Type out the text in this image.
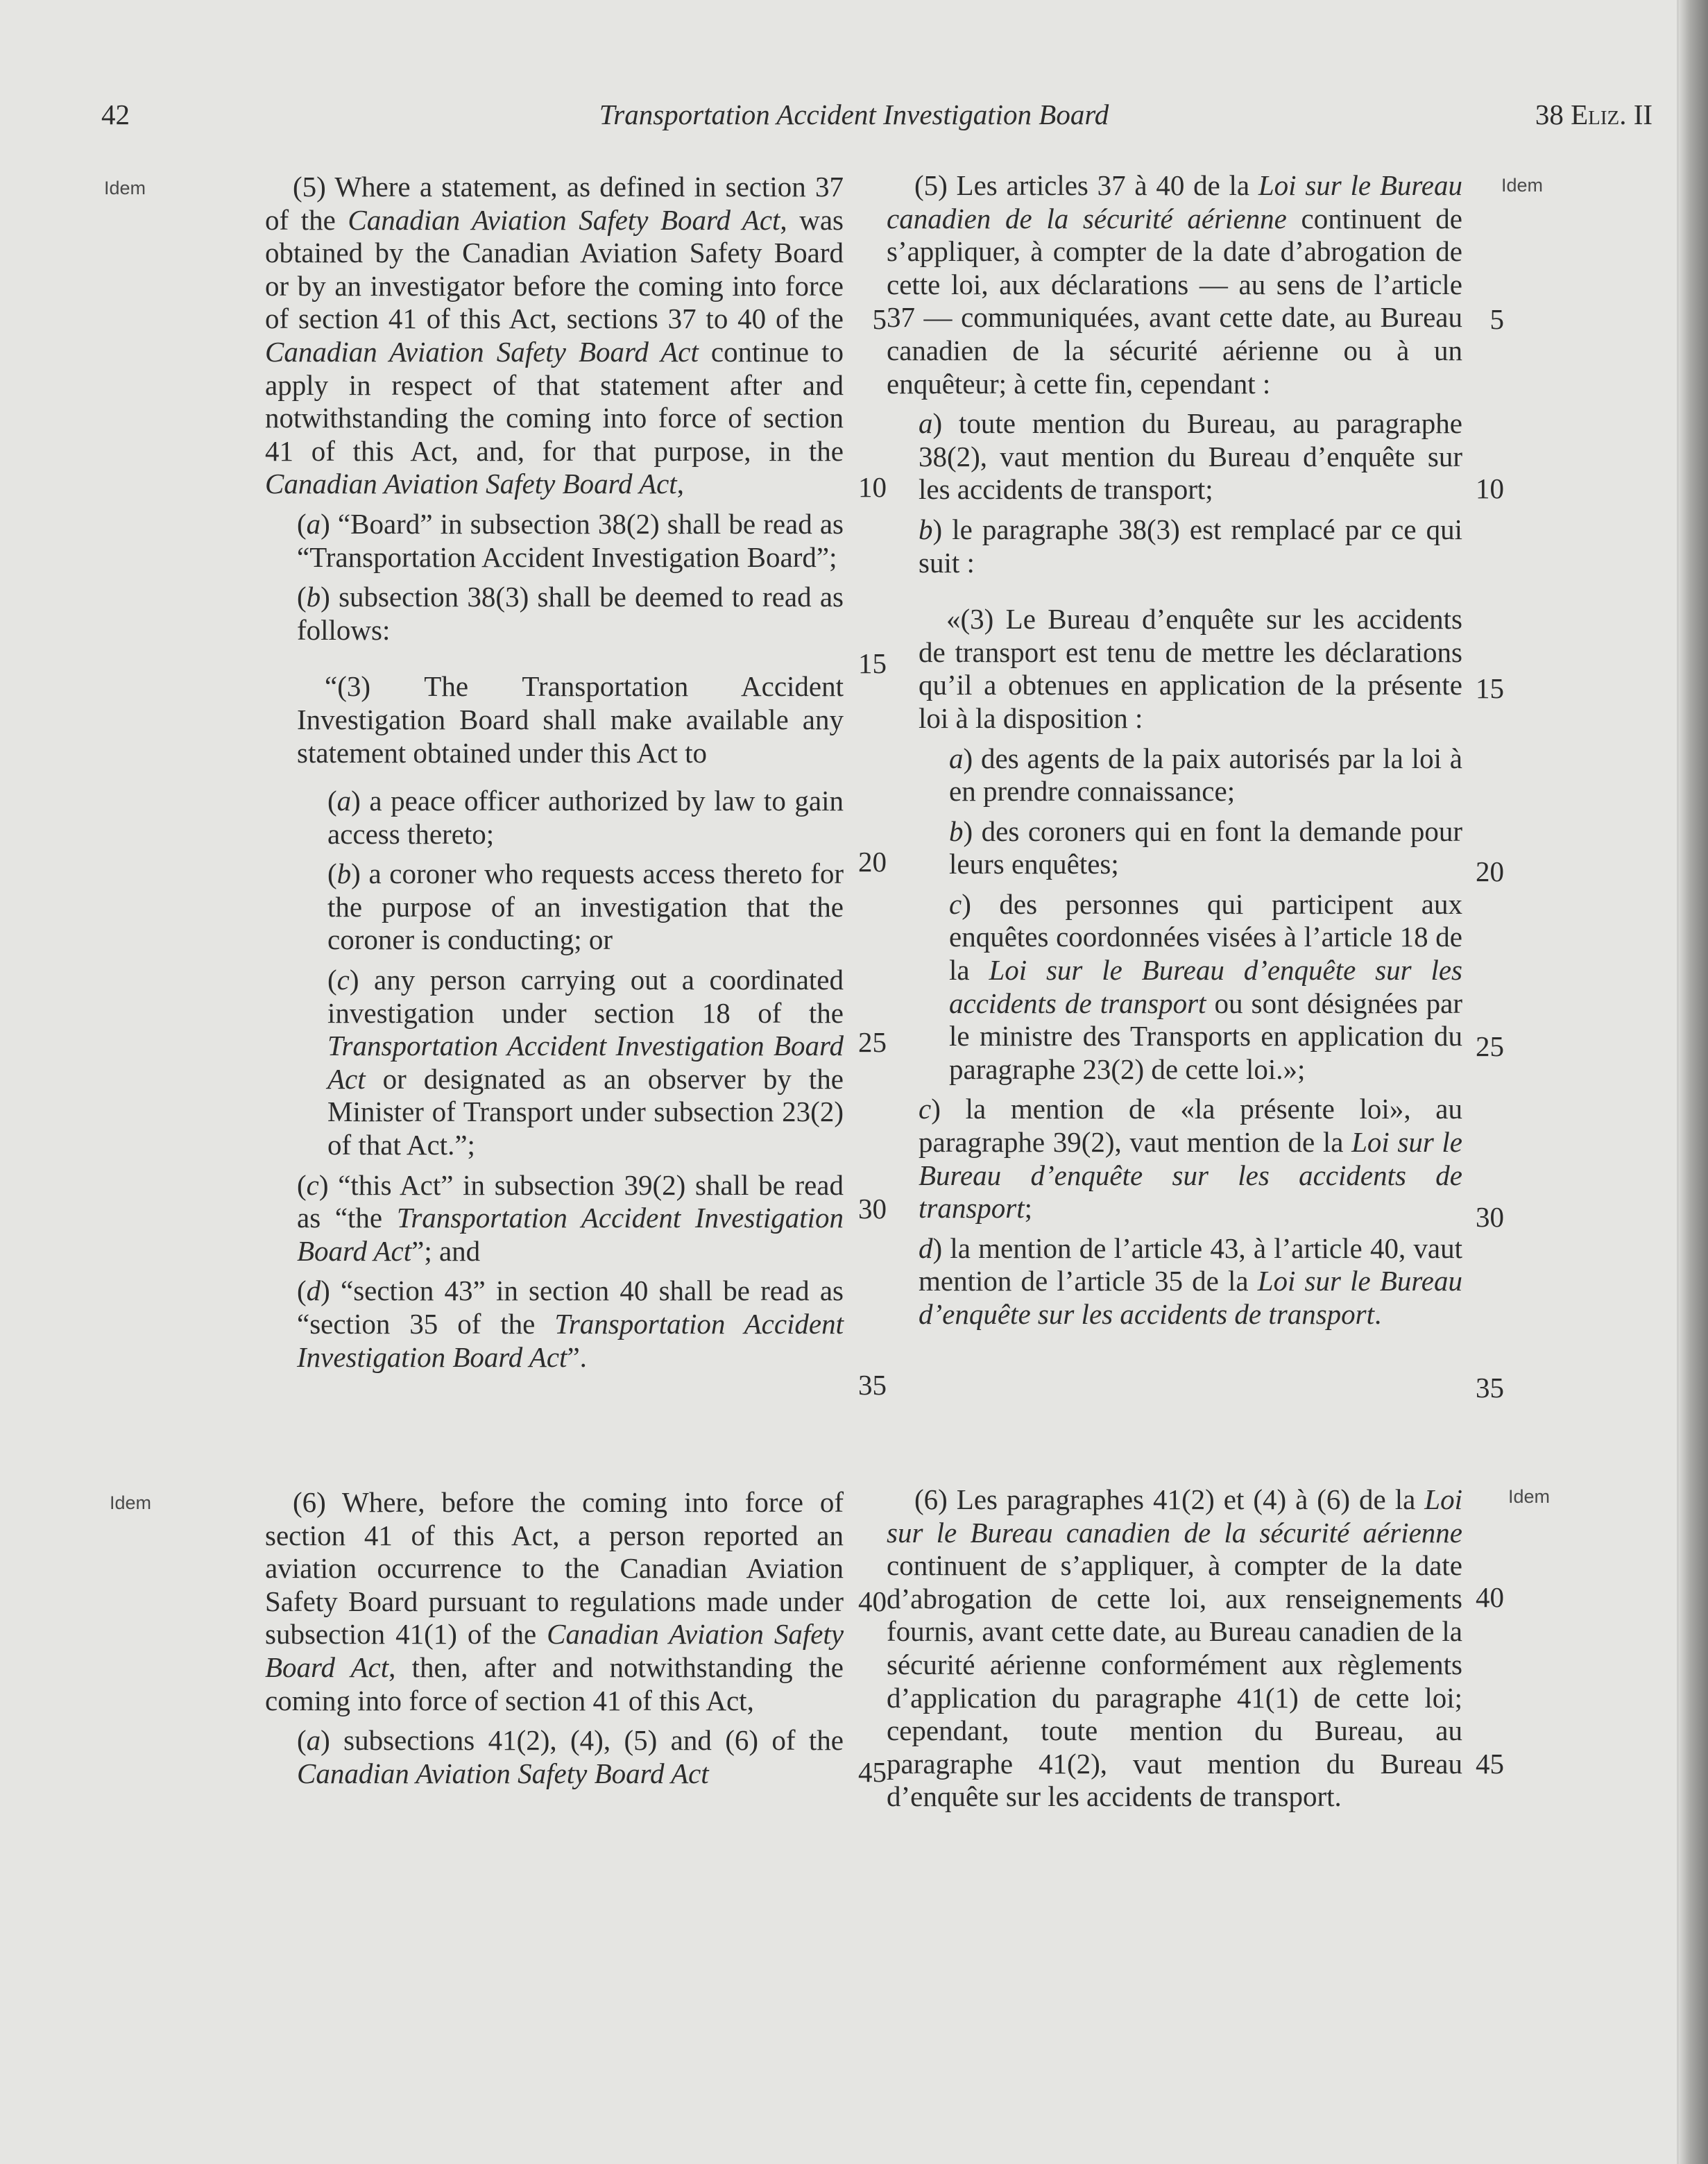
Transportation Accident Investigation Board
42	38 Eliz. II
Idem	Idem
Idem	Idem

(5) Where a statement, as defined in section 37 of the Canadian Aviation Safety Board Act, was obtained by the Canadian Aviation Safety Board or by an investigator before the coming into force of section 41 of this Act, sections 37 to 40 of the Canadian Aviation Safety Board Act continue to apply in respect of that statement after and notwithstanding the coming into force of section 41 of this Act, and, for that purpose, in the Canadian Aviation Safety Board Act,

(a) “Board” in subsection 38(2) shall be read as “Transportation Accident Investigation Board”;

(b) subsection 38(3) shall be deemed to read as follows:

“(3) The Transportation Accident Investigation Board shall make available any statement obtained under this Act to

(a) a peace officer authorized by law to gain access thereto;

(b) a coroner who requests access thereto for the purpose of an investigation that the coroner is conducting; or

(c) any person carrying out a coordinated investigation under section 18 of the Transportation Accident Investigation Board Act or designated as an observer by the Minister of Transport under subsection 23(2) of that Act.”;

(c) “this Act” in subsection 39(2) shall be read as “the Transportation Accident Investigation Board Act”; and

(d) “section 43” in section 40 shall be read as “section 35 of the Transportation Accident Investigation Board Act”.

(5) Les articles 37 à 40 de la Loi sur le Bureau canadien de la sécurité aérienne continuent de s’appliquer, à compter de la date d’abrogation de cette loi, aux déclarations — au sens de l’article 37 — communiquées, avant cette date, au Bureau canadien de la sécurité aérienne ou à un enquêteur; à cette fin, cependant :

a) toute mention du Bureau, au paragraphe 38(2), vaut mention du Bureau d’enquête sur les accidents de transport;

b) le paragraphe 38(3) est remplacé par ce qui suit :

«(3) Le Bureau d’enquête sur les accidents de transport est tenu de mettre les déclarations qu’il a obtenues en application de la présente loi à la disposition :

a) des agents de la paix autorisés par la loi à en prendre connaissance;

b) des coroners qui en font la demande pour leurs enquêtes;

c) des personnes qui participent aux enquêtes coordonnées visées à l’article 18 de la Loi sur le Bureau d’enquête sur les accidents de transport ou sont désignées par le ministre des Transports en application du paragraphe 23(2) de cette loi.»;

c) la mention de «la présente loi», au paragraphe 39(2), vaut mention de la Loi sur le Bureau d’enquête sur les accidents de transport;

d) la mention de l’article 43, à l’article 40, vaut mention de l’article 35 de la Loi sur le Bureau d’enquête sur les accidents de transport.

(6) Where, before the coming into force of section 41 of this Act, a person reported an aviation occurrence to the Canadian Aviation Safety Board pursuant to regulations made under subsection 41(1) of the Canadian Aviation Safety Board Act, then, after and notwithstanding the coming into force of section 41 of this Act,

(a) subsections 41(2), (4), (5) and (6) of the Canadian Aviation Safety Board Act

(6) Les paragraphes 41(2) et (4) à (6) de la Loi sur le Bureau canadien de la sécurité aérienne continuent de s’appliquer, à compter de la date d’abrogation de cette loi, aux renseignements fournis, avant cette date, au Bureau canadien de la sécurité aérienne conformément aux règlements d’application du paragraphe 41(1) de cette loi; cependant, toute mention du Bureau, au paragraphe 41(2), vaut mention du Bureau d’enquête sur les accidents de transport.

5
10
15
20
25
30
35
40
45
5
10
15
20
25
30
35
40
45
